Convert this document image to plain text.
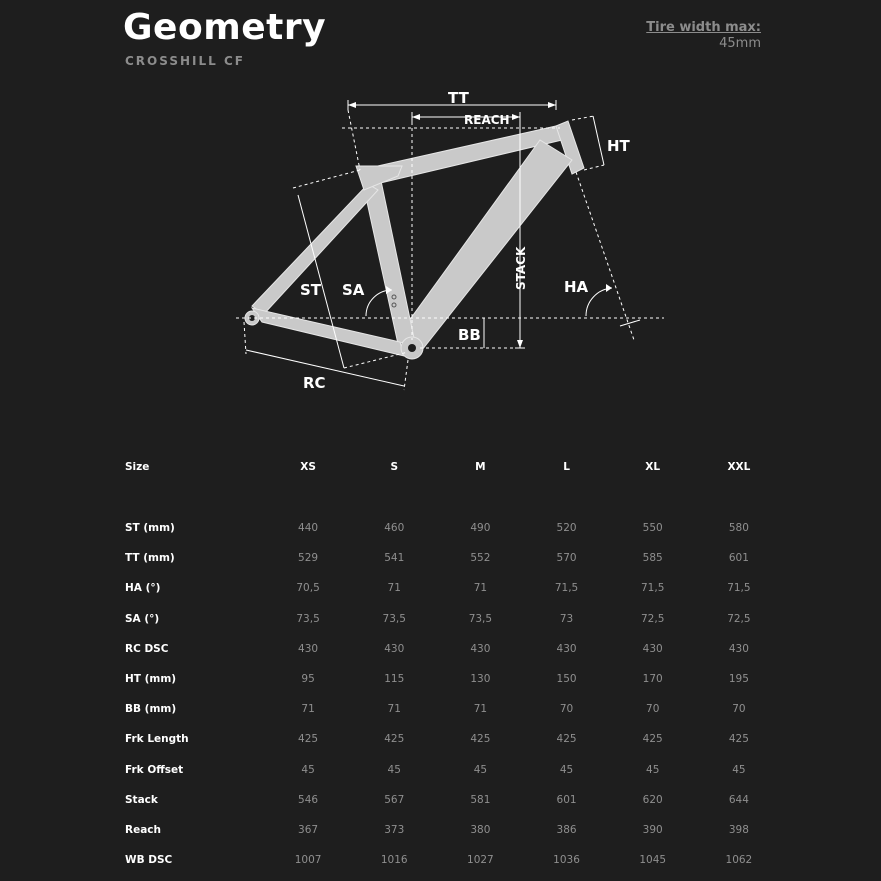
Geometry
CROSSHILL CF
Tire width max:
45mm
TT
REACH
HT
ST SA	STACK HA
BB
RC
Size	XS	S	M	L	XL	XXL

ST (mm)	440	460	490	520	550	580
TT (mm)	529	541	552	570	585	601
HA (°)	70,5	71	71	71,5	71,5	71,5
SA (°)	73,5	73,5	73,5	73	72,5	72,5
RC DSC	430	430	430	430	430	430
HT (mm)	95	115	130	150	170	195
BB (mm)	71	71	71	70	70	70
Frk Length	425	425	425	425	425	425
Frk Offset	45	45	45	45	45	45
Stack	546	567	581	601	620	644
Reach	367	373	380	386	390	398
WB DSC	1007	1016	1027	1036	1045	1062
